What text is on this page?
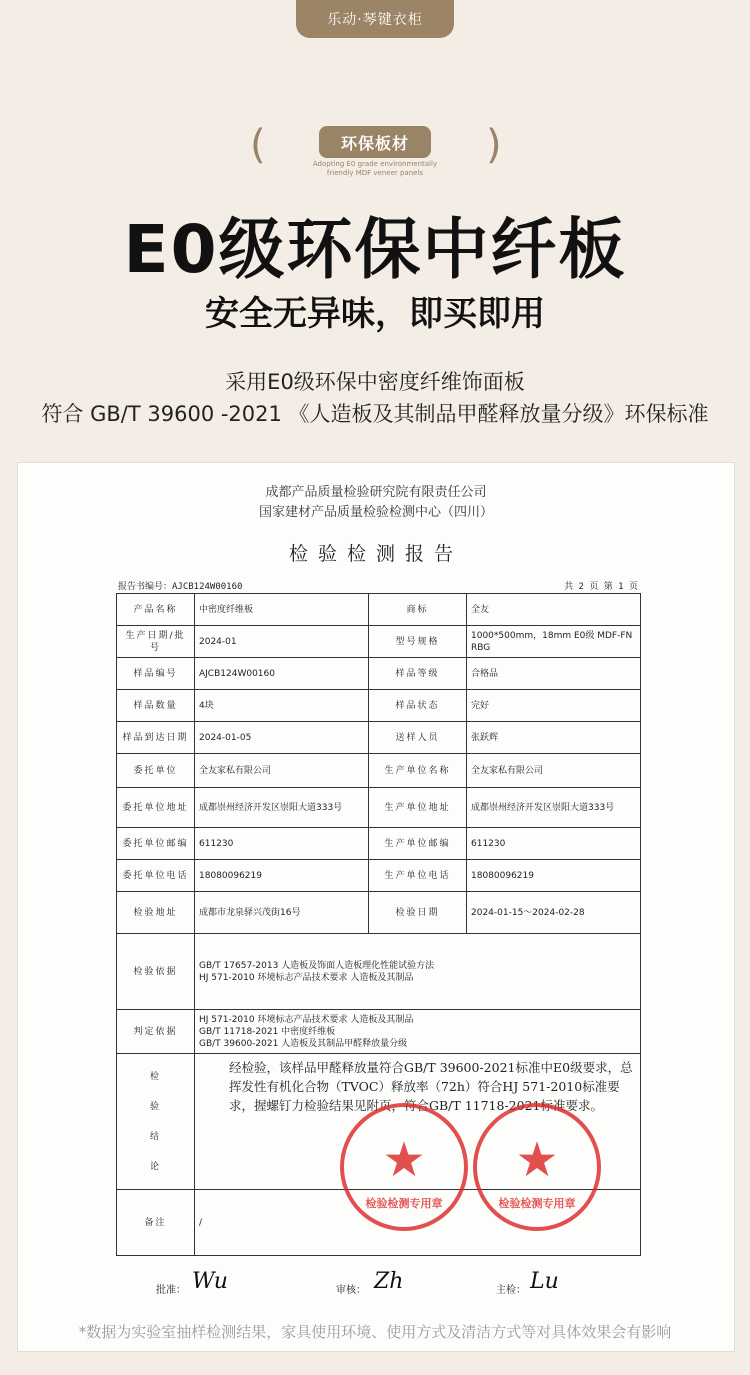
乐动·琴键衣柜
(	环保板材	)
Adopting E0 grade environmentally
friendly MDF veneer panels
E0级环保中纤板
安全无异味，即买即用
采用E0级环保中密度纤维饰面板
符合 GB/T 39600 -2021 《人造板及其制品甲醛释放量分级》环保标准
成都产品质量检验研究院有限责任公司
国家建材产品质量检验检测中心（四川）
检验检测报告
报告书编号：AJCB124W00160	共 2 页 第 1 页
产品名称	中密度纤维板	商标	全友
生产日期/批号	2024-01	型号规格	1000*500mm，18mm E0级 MDF-FN RBG
样品编号	AJCB124W00160	样品等级	合格品
样品数量	4块	样品状态	完好
样品到达日期	2024-01-05	送样人员	张跃辉
委托单位	全友家私有限公司	生产单位名称	全友家私有限公司
委托单位地址	成都崇州经济开发区崇阳大道333号	生产单位地址	成都崇州经济开发区崇阳大道333号
委托单位邮编	611230	生产单位邮编	611230
委托单位电话	18080096219	生产单位电话	18080096219
检验地址	成都市龙泉驿兴茂街16号	检验日期	2024-01-15～2024-02-28
检验依据	GB/T 17657-2013 人造板及饰面人造板理化性能试验方法
HJ 571-2010 环境标志产品技术要求 人造板及其制品		

判定依据	HJ 571-2010 环境标志产品技术要求 人造板及其制品
GB/T 11718-2021 中密度纤维板
GB/T 39600-2021 人造板及其制品甲醛释放量分级		

检
验
结
论	经检验，该样品甲醛释放量符合GB/T 39600-2021标准中E0级要求，总挥发性有机化合物（TVOC）释放率（72h）符合HJ 571-2010标准要求，握螺钉力检验结果见附页，符合GB/T 11718-2021标准要求。		

备注	/		
★
检验检测专用章
★
检验检测专用章
批准： Wu	审核： Zh	主检： Lu
*数据为实验室抽样检测结果，家具使用环境、使用方式及清洁方式等对具体效果会有影响
